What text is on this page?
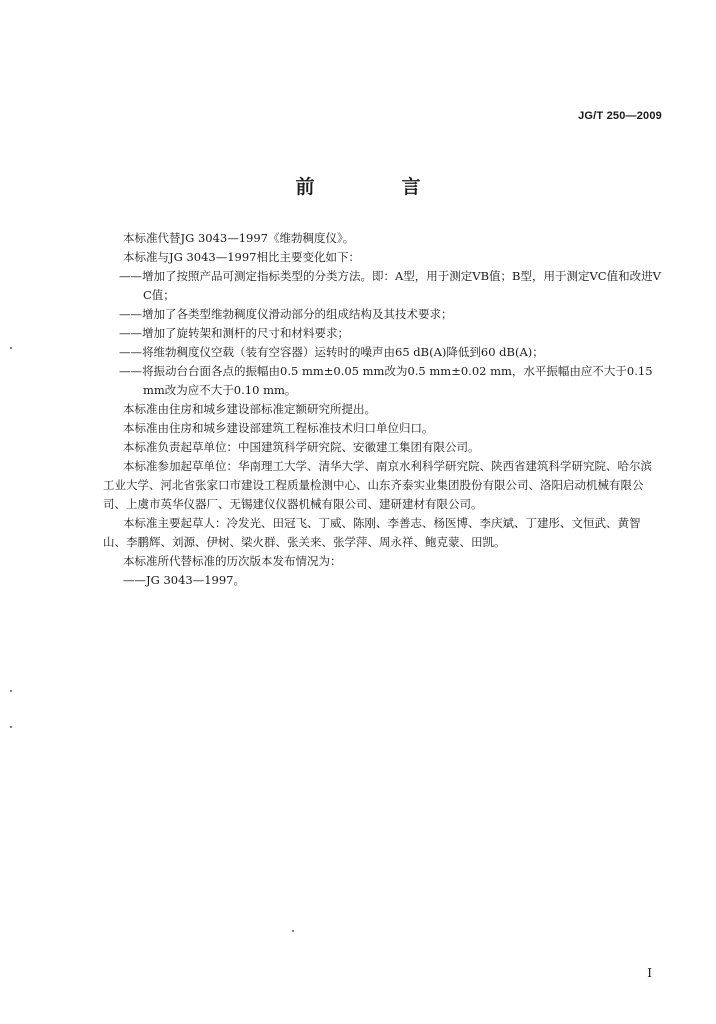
JG/T 250—2009
前　言

本标准代替JG 3043—1997《维勃稠度仪》。

本标准与JG 3043—1997相比主要变化如下：

——增加了按照产品可测定指标类型的分类方法。即：A型，用于测定VB值；B型，用于测定VC值和改进VC值；

——增加了各类型维勃稠度仪滑动部分的组成结构及其技术要求；

——增加了旋转架和测杆的尺寸和材料要求；

——将维勃稠度仪空载（装有空容器）运转时的噪声由65 dB(A)降低到60 dB(A)；

——将振动台台面各点的振幅由0.5 mm±0.05 mm改为0.5 mm±0.02 mm，水平振幅由应不大于0.15 mm改为应不大于0.10 mm。

本标准由住房和城乡建设部标准定额研究所提出。

本标准由住房和城乡建设部建筑工程标准技术归口单位归口。

本标准负责起草单位：中国建筑科学研究院、安徽建工集团有限公司。

本标准参加起草单位：华南理工大学、清华大学、南京水利科学研究院、陕西省建筑科学研究院、哈尔滨工业大学、河北省张家口市建设工程质量检测中心、山东齐泰实业集团股份有限公司、洛阳启动机械有限公司、上虞市英华仪器厂、无锡建仪仪器机械有限公司、建研建材有限公司。

本标准主要起草人：冷发光、田冠飞、丁威、陈刚、李善志、杨医博、李庆斌、丁建彤、文恒武、黄智山、李鹏辉、刘源、伊树、梁火群、张关来、张学萍、周永祥、鲍克蒙、田凯。

本标准所代替标准的历次版本发布情况为：

——JG 3043—1997。

I
